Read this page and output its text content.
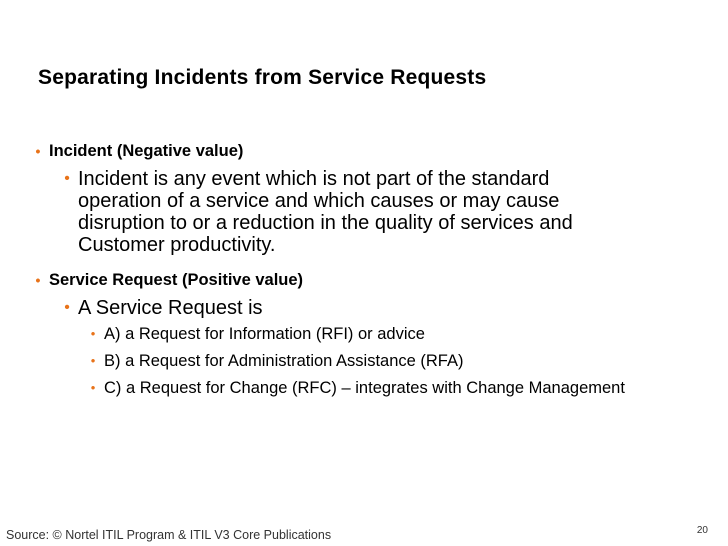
Separating Incidents from Service Requests
• Incident (Negative value)
• Incident is any event which is not part of the standard operation of a service and which causes or may cause disruption to or a reduction in the quality of services and Customer productivity.
• Service Request (Positive value)
• A Service Request is
• A) a Request for Information (RFI) or advice
• B) a Request for Administration Assistance (RFA)
• C) a Request for Change (RFC) – integrates with Change Management
Source: © Nortel ITIL Program & ITIL V3 Core Publications	20
